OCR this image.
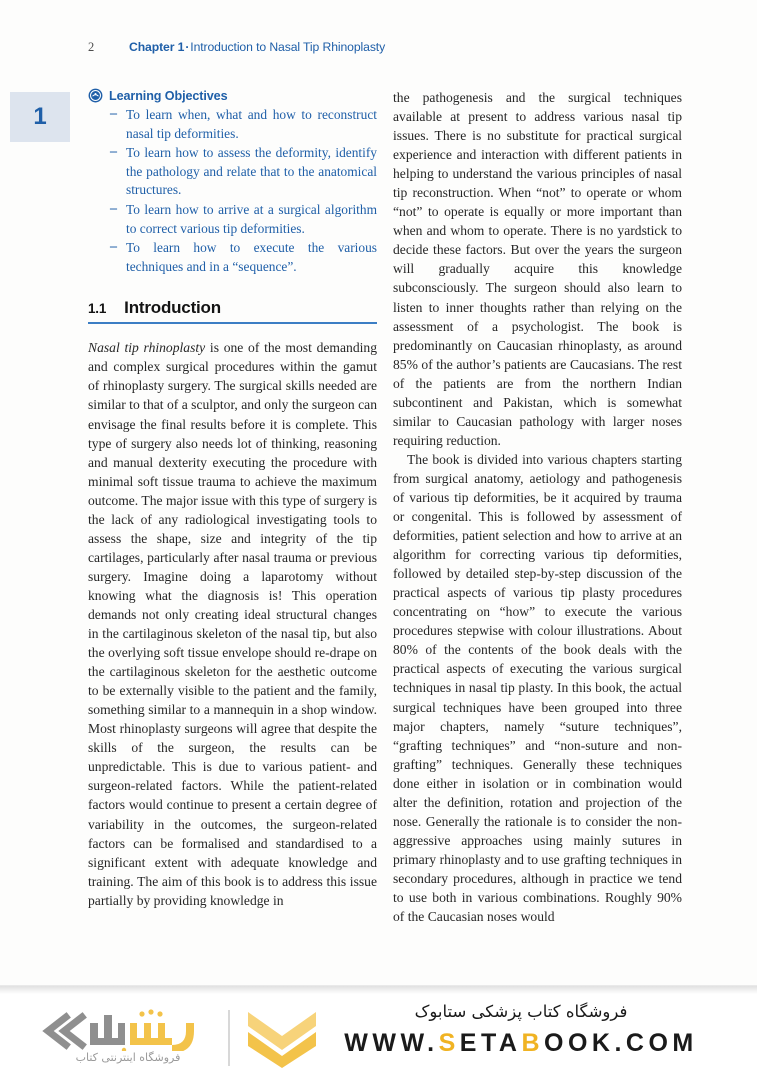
2	Chapter 1·Introduction to Nasal Tip Rhinoplasty
1
Learning Objectives
– To learn when, what and how to reconstruct nasal tip deformities.
– To learn how to assess the deformity, identify the pathology and relate that to the anatomical structures.
– To learn how to arrive at a surgical algorithm to correct various tip deformities.
– To learn how to execute the various techniques and in a “sequence”.
1.1 Introduction

Nasal tip rhinoplasty is one of the most demanding and complex surgical procedures within the gamut of rhinoplasty surgery. The surgical skills needed are similar to that of a sculptor, and only the surgeon can envisage the final results before it is complete. This type of surgery also needs lot of thinking, reasoning and manual dexterity executing the procedure with minimal soft tissue trauma to achieve the maximum outcome. The major issue with this type of surgery is the lack of any radiological investigating tools to assess the shape, size and integrity of the tip cartilages, particularly after nasal trauma or previous surgery. Imagine doing a laparotomy without knowing what the diagnosis is! This operation demands not only creating ideal structural changes in the cartilaginous skeleton of the nasal tip, but also the overlying soft tissue envelope should re-drape on the cartilaginous skeleton for the aesthetic outcome to be externally visible to the patient and the family, something similar to a mannequin in a shop window. Most rhinoplasty surgeons will agree that despite the skills of the surgeon, the results can be unpredictable. This is due to various patient- and surgeon-related factors. While the patient-related factors would continue to present a certain degree of variability in the outcomes, the surgeon-related factors can be formalised and standardised to a significant extent with adequate knowledge and training. The aim of this book is to address this issue partially by providing knowledge in

the pathogenesis and the surgical techniques available at present to address various nasal tip issues. There is no substitute for practical surgical experience and interaction with different patients in helping to understand the various principles of nasal tip reconstruction. When “not” to operate or whom “not” to operate is equally or more important than when and whom to operate. There is no yardstick to decide these factors. But over the years the surgeon will gradually acquire this knowledge subconsciously. The surgeon should also learn to listen to inner thoughts rather than relying on the assessment of a psychologist. The book is predominantly on Caucasian rhinoplasty, as around 85% of the author’s patients are Caucasians. The rest of the patients are from the northern Indian subcontinent and Pakistan, which is somewhat similar to Caucasian pathology with larger noses requiring reduction.

The book is divided into various chapters starting from surgical anatomy, aetiology and pathogenesis of various tip deformities, be it acquired by trauma or congenital. This is followed by assessment of deformities, patient selection and how to arrive at an algorithm for correcting various tip deformities, followed by detailed step-by-step discussion of the practical aspects of various tip plasty procedures concentrating on “how” to execute the various procedures stepwise with colour illustrations. About 80% of the contents of the book deals with the practical aspects of executing the various surgical techniques in nasal tip plasty. In this book, the actual surgical techniques have been grouped into three major chapters, namely “suture techniques”, “grafting techniques” and “non-suture and non-grafting” techniques. Generally these techniques done either in isolation or in combination would alter the definition, rotation and projection of the nose. Generally the rationale is to consider the non-aggressive approaches using mainly sutures in primary rhinoplasty and to use grafting techniques in secondary procedures, although in practice we tend to use both in various combinations. Roughly 90% of the Caucasian noses would

فروشگاه اینترنتی کتاب
فروشگاه کتاب پزشکی ستابوک
WWW.SETABOOK.COM
